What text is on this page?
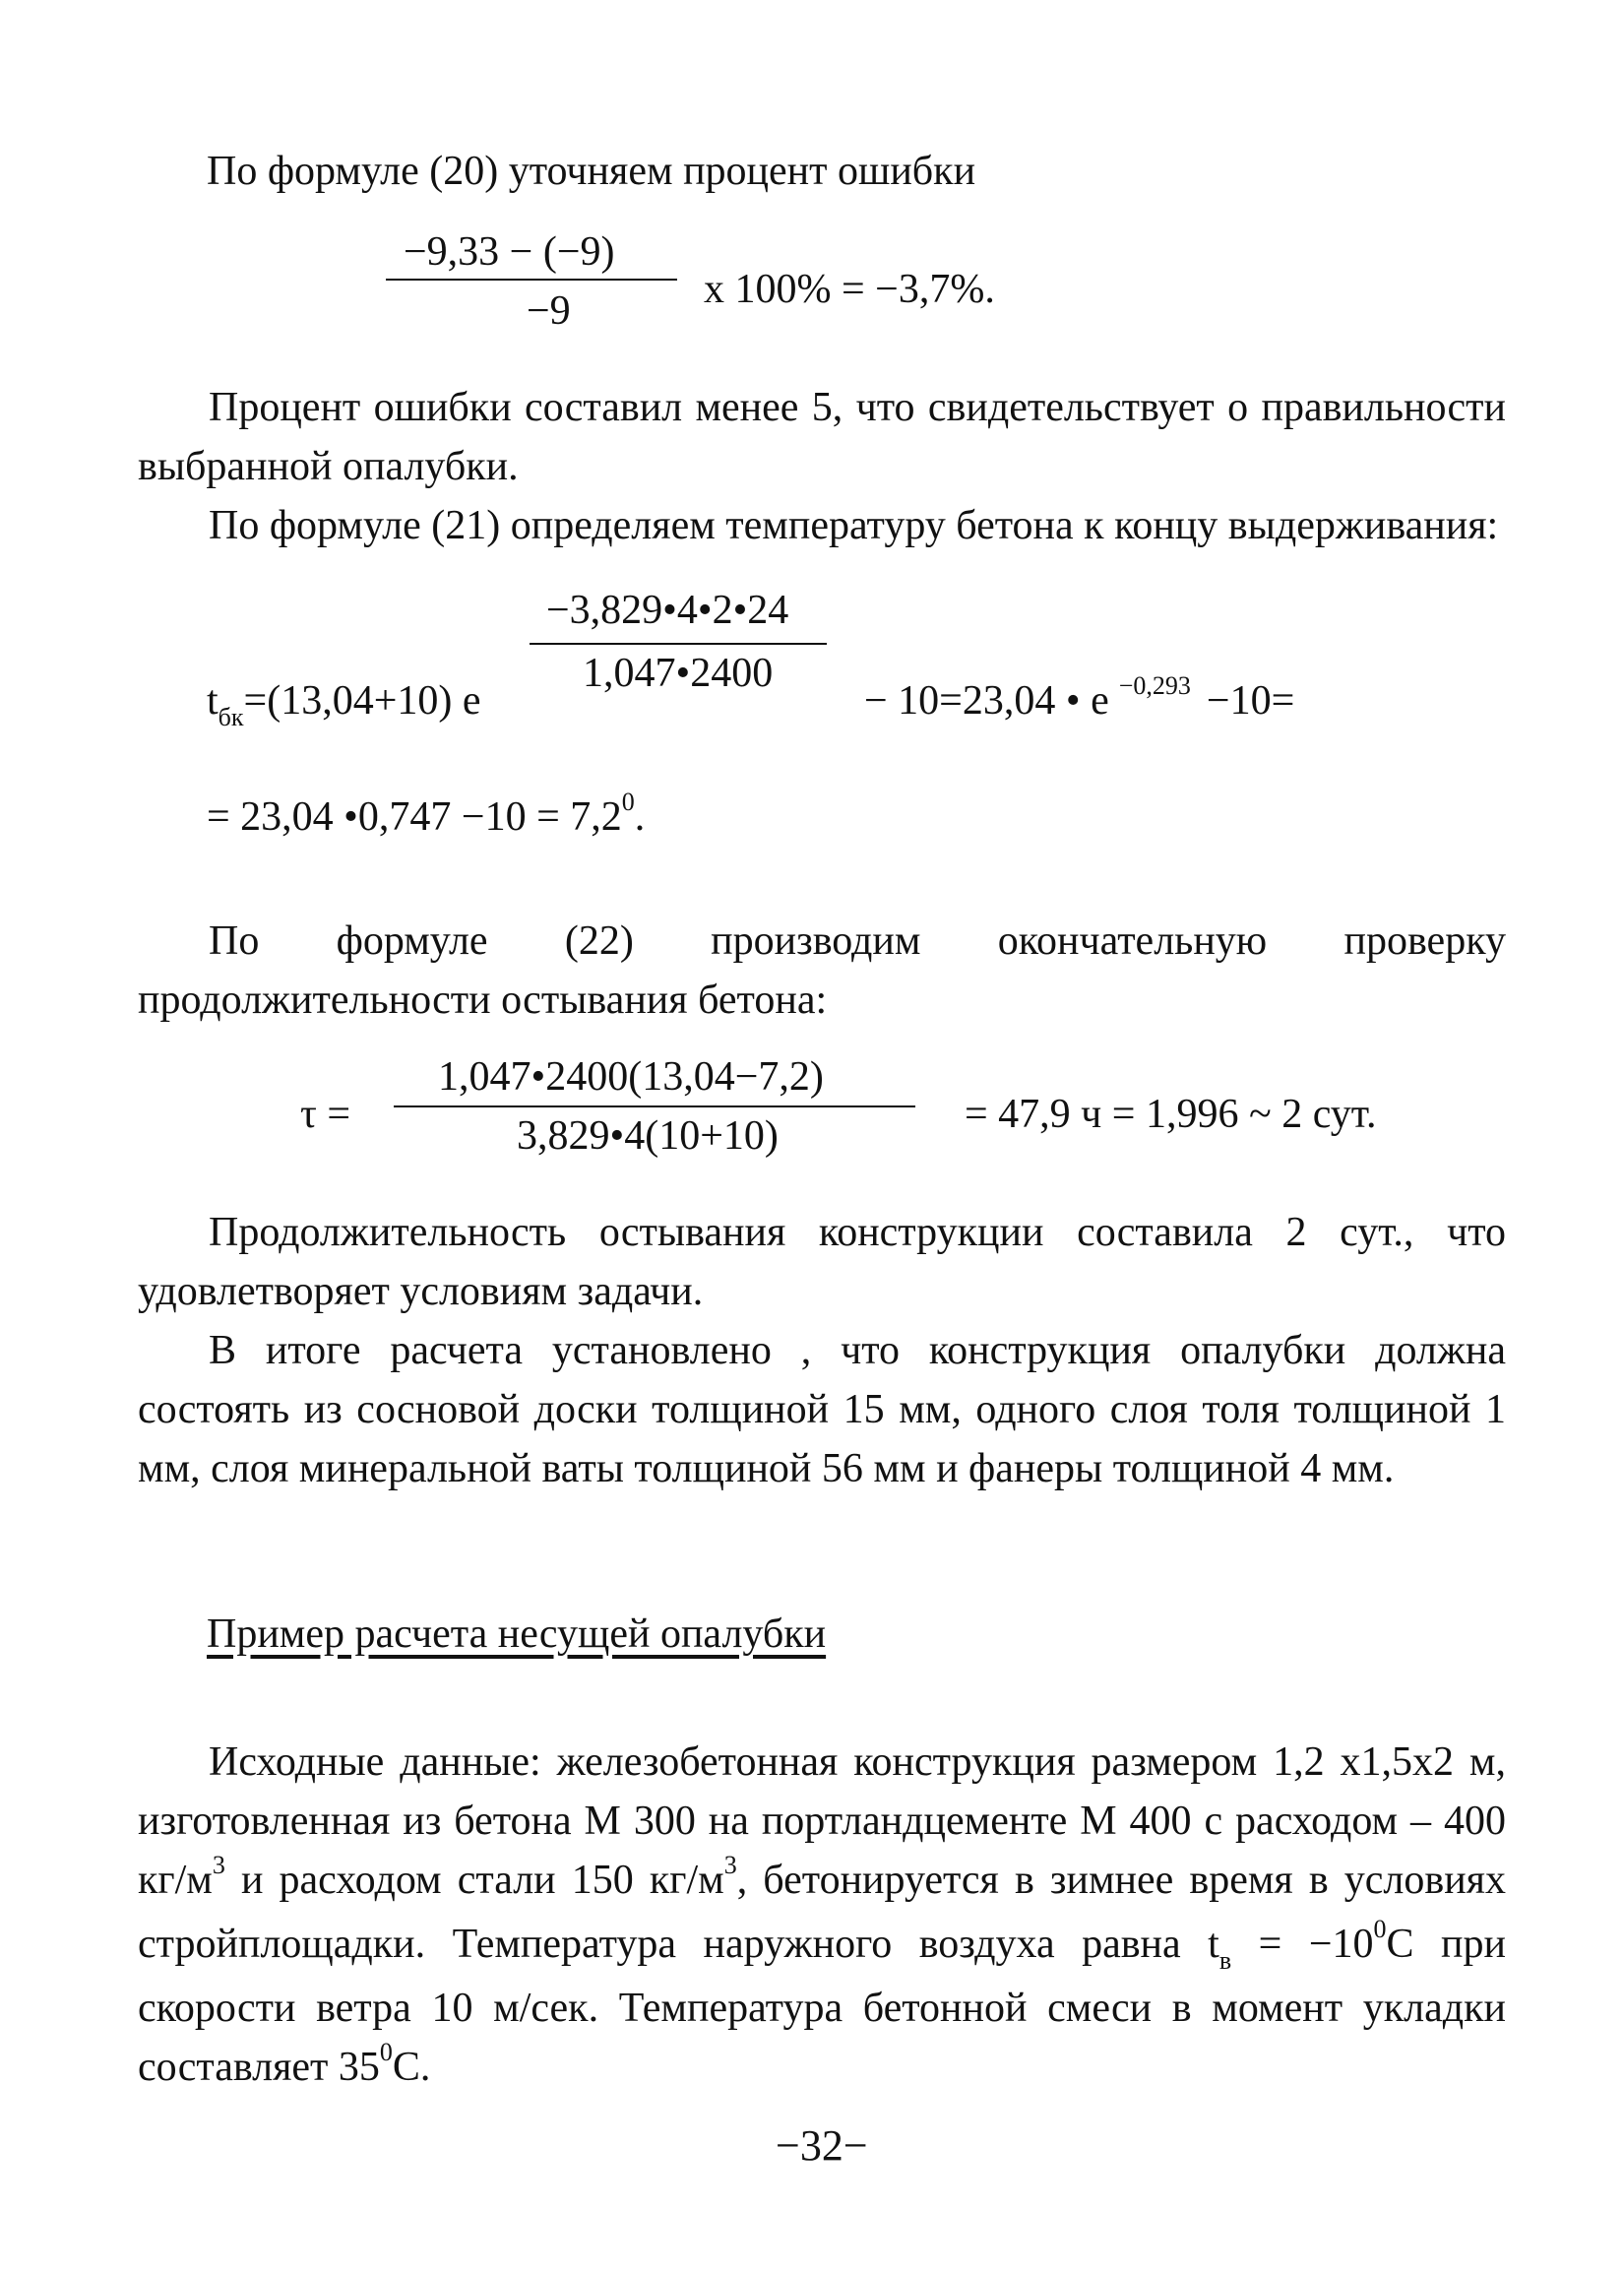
По формуле (20) уточняем процент ошибки
−9,33 − (−9)
−9	х 100% = −3,7%.
Процент ошибки составил менее 5, что свидетельствует о правильности выбранной опалубки.
По формуле (21) определяем температуру бетона к концу выдерживания:
−3,829•4•2•24
1,047•2400
$t_{бк}=(13,04+10)$ е	− 10=23,04 • е $^{-0,293}$ −10=
= 23,04 •0,747 $-10 = 7,2^0$.
По формуле (22) производим окончательную проверку продолжительности остывания бетона:
τ =
1,047•2400(13,04−7,2)
3,829•4(10+10)	= 47,9 ч = 1,996 ~ 2 сут.
Продолжительность остывания конструкции составила 2 сут., что удовлетворяет условиям задачи.
В итоге расчета установлено , что конструкция опалубки должна состоять из сосновой доски толщиной 15 мм, одного слоя толя толщиной 1 мм, слоя минеральной ваты толщиной 56 мм и фанеры толщиной 4 мм.
Пример расчета несущей опалубки
Исходные данные: железобетонная конструкция размером 1,2 х1,5х2 м, изготовленная из бетона М 300 на портландцементе М 400 с расходом – 400 $кг/м^3$ и расходом стали 150 $кг/м^3$, бетонируется в зимнее время в условиях стройплощадки. Температура наружного воздуха равна $t_в = -10^0С$ при скорости ветра 10 м/сек. Температура бетонной смеси в момент укладки составляет $35^0С$.
−32−
